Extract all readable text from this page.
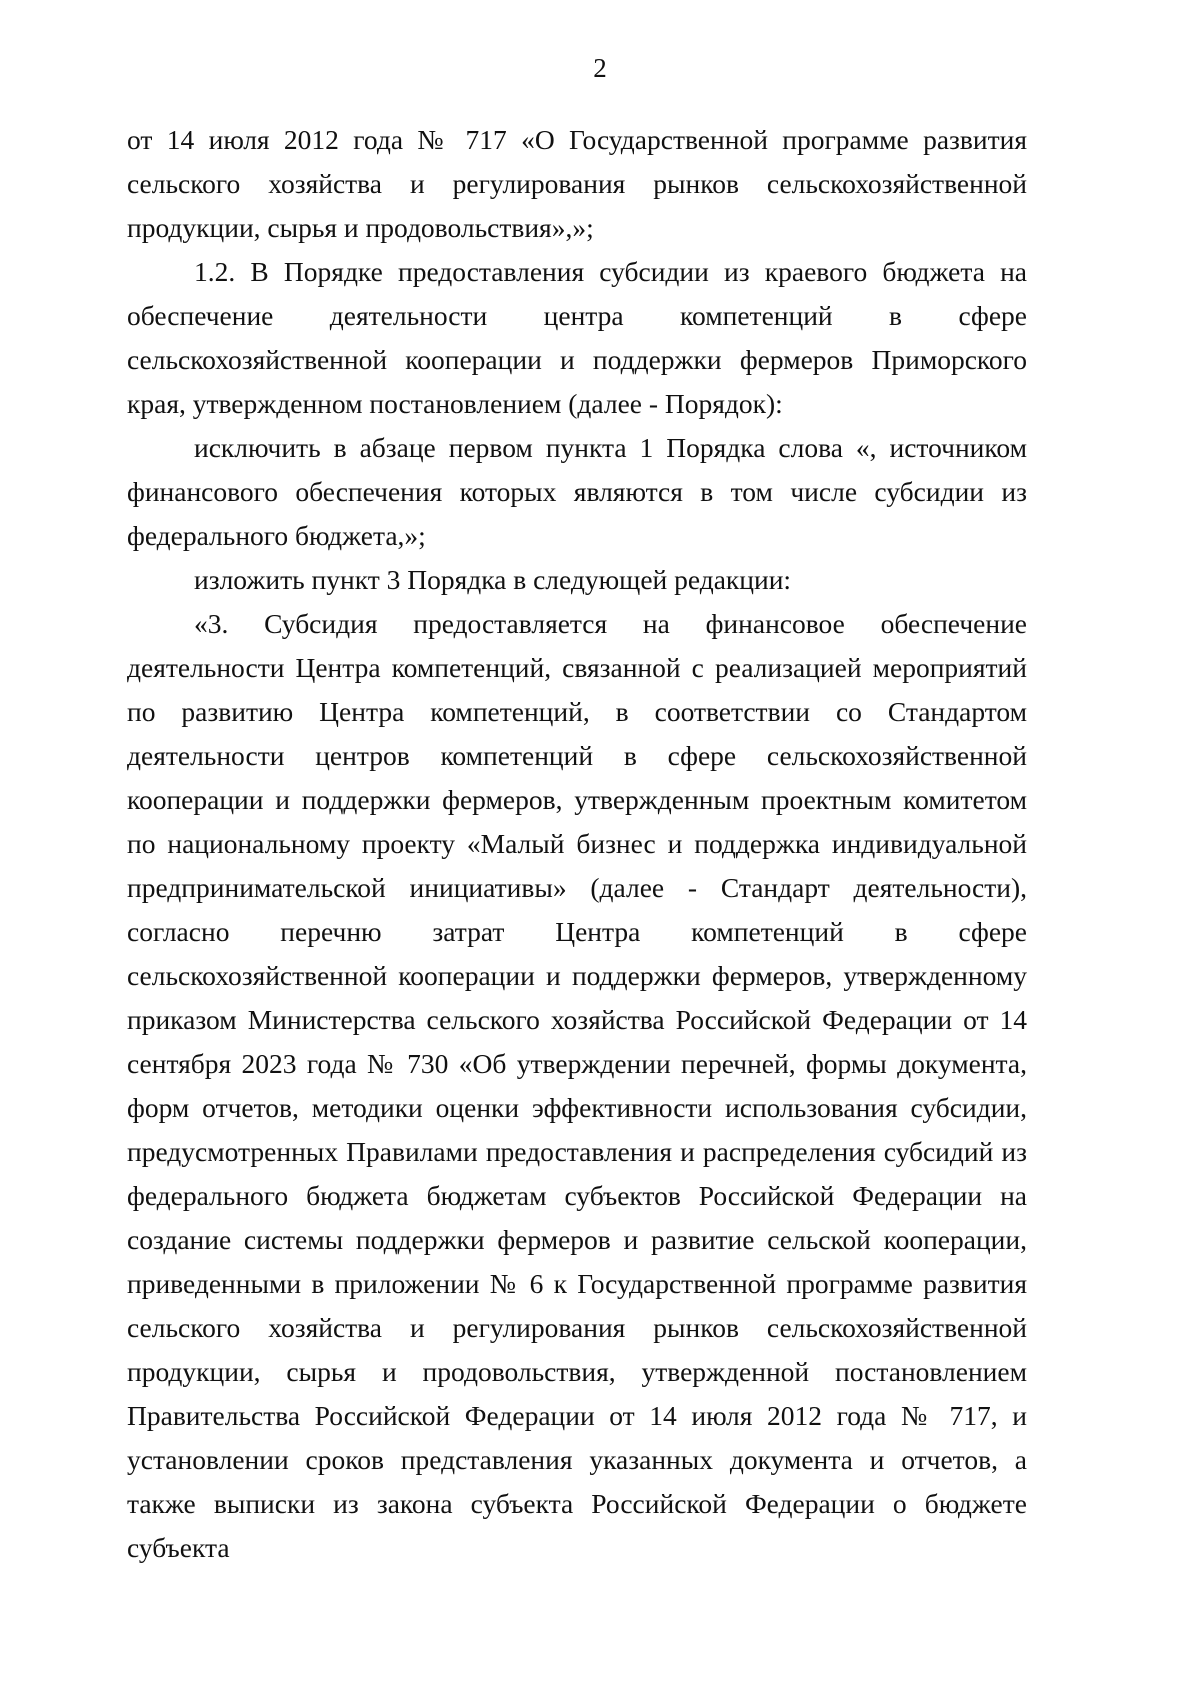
2

от 14 июля 2012 года № 717 «О Государственной программе развития сельского хозяйства и регулирования рынков сельскохозяйственной продукции, сырья и продовольствия»,»;

1.2. В Порядке предоставления субсидии из краевого бюджета на обеспечение деятельности центра компетенций в сфере сельскохозяйственной кооперации и поддержки фермеров Приморского края, утвержденном постановлением (далее - Порядок):

исключить в абзаце первом пункта 1 Порядка слова «, источником финансового обеспечения которых являются в том числе субсидии из федерального бюджета,»;

изложить пункт 3 Порядка в следующей редакции:

«3. Субсидия предоставляется на финансовое обеспечение деятельности Центра компетенций, связанной с реализацией мероприятий по развитию Центра компетенций, в соответствии со Стандартом деятельности центров компетенций в сфере сельскохозяйственной кооперации и поддержки фермеров, утвержденным проектным комитетом по национальному проекту «Малый бизнес и поддержка индивидуальной предпринимательской инициативы» (далее - Стандарт деятельности), согласно перечню затрат Центра компетенций в сфере сельскохозяйственной кооперации и поддержки фермеров, утвержденному приказом Министерства сельского хозяйства Российской Федерации от 14 сентября 2023 года № 730 «Об утверждении перечней, формы документа, форм отчетов, методики оценки эффективности использования субсидии, предусмотренных Правилами предоставления и распределения субсидий из федерального бюджета бюджетам субъектов Российской Федерации на создание системы поддержки фермеров и развитие сельской кооперации, приведенными в приложении № 6 к Государственной программе развития сельского хозяйства и регулирования рынков сельскохозяйственной продукции, сырья и продовольствия, утвержденной постановлением Правительства Российской Федерации от 14 июля 2012 года № 717, и установлении сроков представления указанных документа и отчетов, а также выписки из закона субъекта Российской Федерации о бюджете субъекта
